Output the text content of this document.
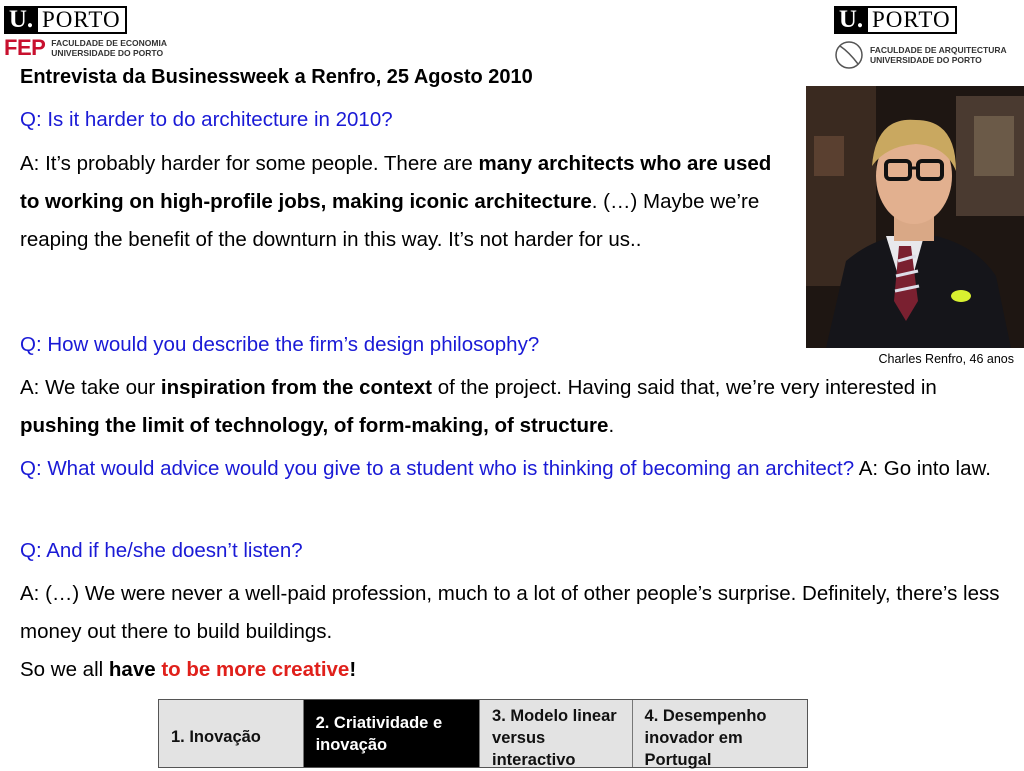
U. PORTO
FEP FACULDADE DE ECONOMIA
UNIVERSIDADE DO PORTO
U. PORTO
FACULDADE DE ARQUITECTURA
UNIVERSIDADE DO PORTO
Entrevista da Businessweek a Renfro, 25 Agosto 2010
Q: Is it harder to do architecture in 2010?
A: It’s probably harder for some people. There are many architects who are used to working on high-profile jobs, making iconic architecture. (…) Maybe we’re reaping the benefit of the downturn in this way. It’s not harder for us..
Charles Renfro, 46 anos
Q: How would you describe the firm’s design philosophy?
A: We take our inspiration from the context of the project. Having said that, we’re very interested in pushing the limit of technology, of form-making, of structure.
Q: What would advice would you give to a student who is thinking of becoming an architect? A: Go into law.
Q: And if he/she doesn’t listen?
A: (…) We were never a well-paid profession, much to a lot of other people’s surprise. Definitely, there’s less money out there to build buildings.
So we all have to be more creative!
1. Inovação
2. Criatividade e inovação
3. Modelo linear versus interactivo
4. Desempenho inovador em Portugal
